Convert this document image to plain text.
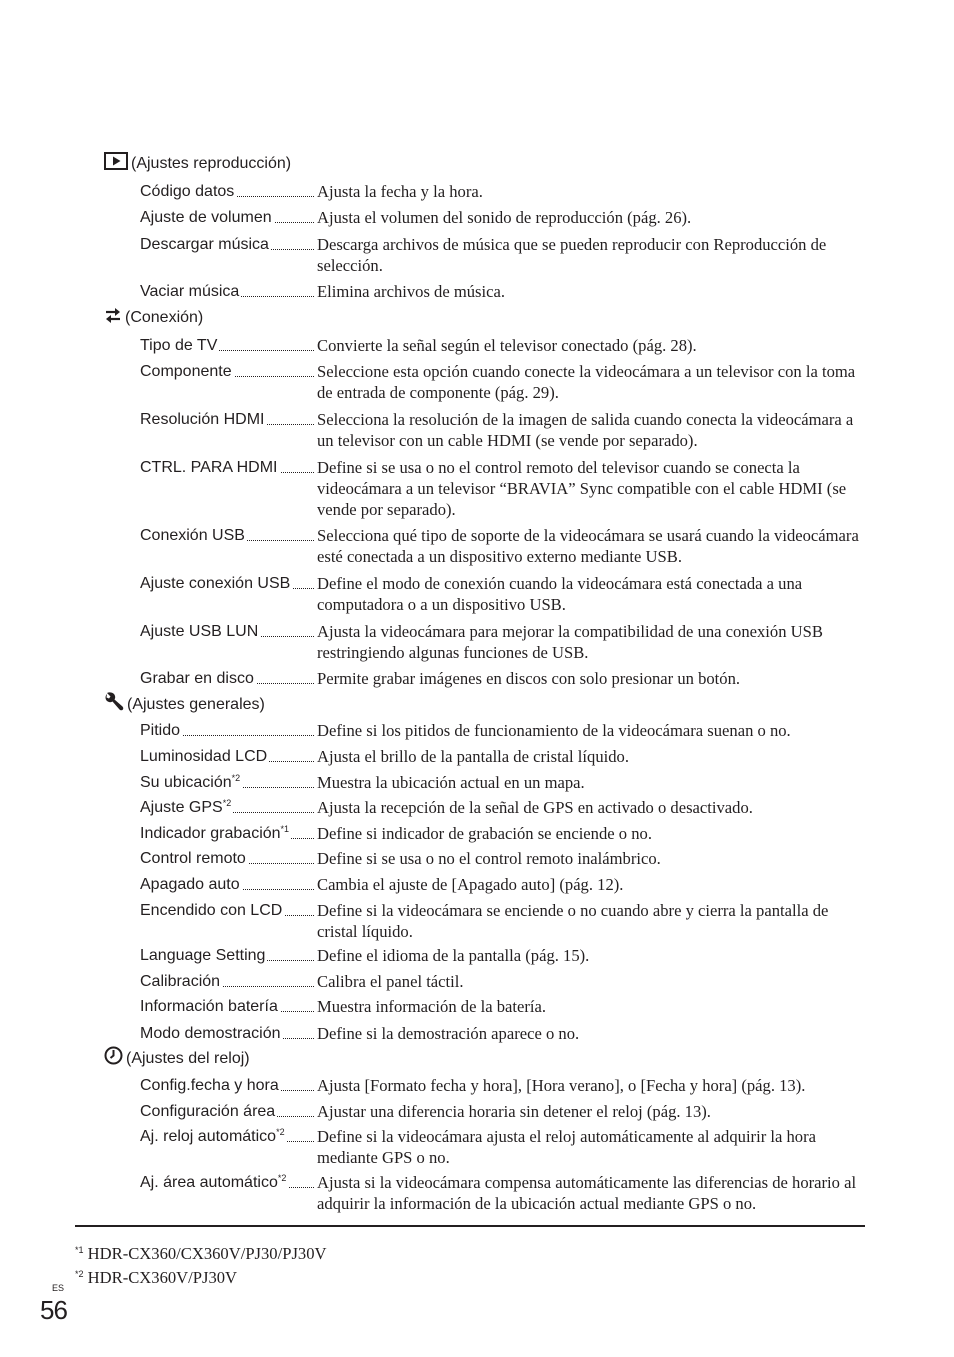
(Ajustes reproducción)
Código datos	Ajusta la fecha y la hora.
Ajuste de volumen	Ajusta el volumen del sonido de reproducción (pág. 26).
Descargar música	Descarga archivos de música que se pueden reproducir con Reproducción de selección.
Vaciar música	Elimina archivos de música.
(Conexión)
Tipo de TV	Convierte la señal según el televisor conectado (pág. 28).
Componente	Seleccione esta opción cuando conecte la videocámara a un televisor con la toma de entrada de componente (pág. 29).
Resolución HDMI	Selecciona la resolución de la imagen de salida cuando conecta la videocámara a un televisor con un cable HDMI (se vende por separado).
CTRL. PARA HDMI	Define si se usa o no el control remoto del televisor cuando se conecta la videocámara a un televisor “BRAVIA” Sync compatible con el cable HDMI (se vende por separado).
Conexión USB	Selecciona qué tipo de soporte de la videocámara se usará cuando la videocámara esté conectada a un dispositivo externo mediante USB.
Ajuste conexión USB	Define el modo de conexión cuando la videocámara está conectada a una computadora o a un dispositivo USB.
Ajuste USB LUN	Ajusta la videocámara para mejorar la compatibilidad de una conexión USB restringiendo algunas funciones de USB.
Grabar en disco	Permite grabar imágenes en discos con solo presionar un botón.
(Ajustes generales)
Pitido	Define si los pitidos de funcionamiento de la videocámara suenan o no.
Luminosidad LCD	Ajusta el brillo de la pantalla de cristal líquido.
Su ubicación$^{*2}$	Muestra la ubicación actual en un mapa.
Ajuste GPS$^{*2}$	Ajusta la recepción de la señal de GPS en activado o desactivado.
Indicador grabación$^{*1}$	Define si indicador de grabación se enciende o no.
Control remoto	Define si se usa o no el control remoto inalámbrico.
Apagado auto	Cambia el ajuste de [Apagado auto] (pág. 12).
Encendido con LCD	Define si la videocámara se enciende o no cuando abre y cierra la pantalla de cristal líquido.
Language Setting	Define el idioma de la pantalla (pág. 15).
Calibración	Calibra el panel táctil.
Información batería	Muestra información de la batería.
Modo demostración	Define si la demostración aparece o no.
(Ajustes del reloj)
Config.fecha y hora	Ajusta [Formato fecha y hora], [Hora verano], o [Fecha y hora] (pág. 13).
Configuración área	Ajustar una diferencia horaria sin detener el reloj (pág. 13).
Aj. reloj automático$^{*2}$	Define si la videocámara ajusta el reloj automáticamente al adquirir la hora mediante GPS o no.
Aj. área automático$^{*2}$	Ajusta si la videocámara compensa automáticamente las diferencias de horario al adquirir la información de la ubicación actual mediante GPS o no.
$^{*1}$ HDR-CX360/CX360V/PJ30/PJ30V
$^{*2}$ HDR-CX360V/PJ30V
ES
56
